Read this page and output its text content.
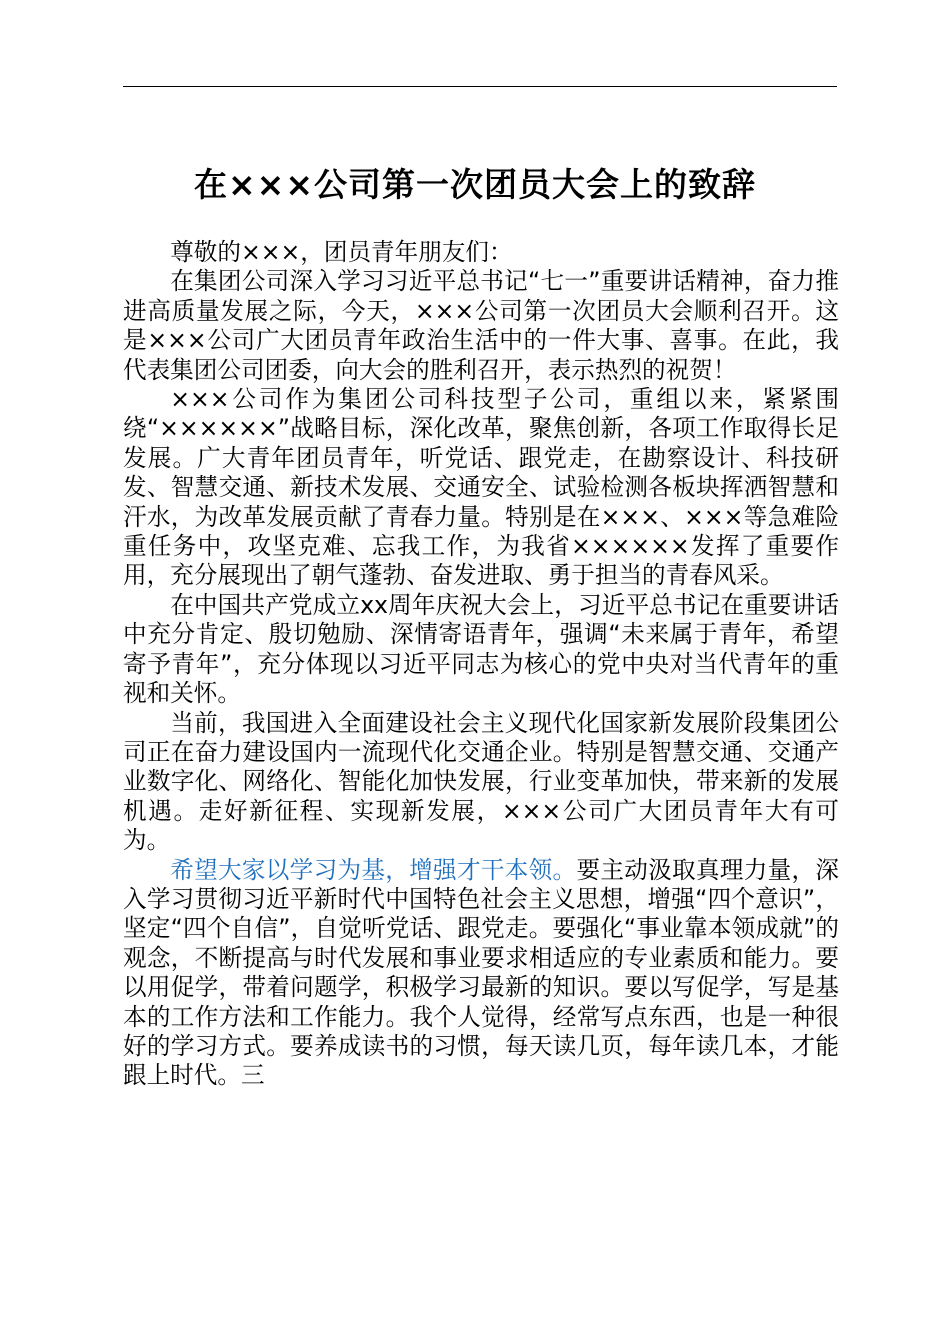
在×××公司第一次团员大会上的致辞

尊敬的×××，团员青年朋友们：

在集团公司深入学习习近平总书记“七一”重要讲话精神，奋力推进高质量发展之际，今天，×××公司第一次团员大会顺利召开。这是×××公司广大团员青年政治生活中的一件大事、喜事。在此，我代表集团公司团委，向大会的胜利召开，表示热烈的祝贺！

×××公司作为集团公司科技型子公司，重组以来，紧紧围绕“××××××”战略目标，深化改革，聚焦创新，各项工作取得长足发展。广大青年团员青年，听党话、跟党走，在勘察设计、科技研发、智慧交通、新技术发展、交通安全、试验检测各板块挥洒智慧和汗水，为改革发展贡献了青春力量。特别是在×××、×××等急难险重任务中，攻坚克难、忘我工作，为我省××××××发挥了重要作用，充分展现出了朝气蓬勃、奋发进取、勇于担当的青春风采。

在中国共产党成立xx周年庆祝大会上，习近平总书记在重要讲话中充分肯定、殷切勉励、深情寄语青年，强调“未来属于青年，希望寄予青年”，充分体现以习近平同志为核心的党中央对当代青年的重视和关怀。

当前，我国进入全面建设社会主义现代化国家新发展阶段集团公司正在奋力建设国内一流现代化交通企业。特别是智慧交通、交通产业数字化、网络化、智能化加快发展，行业变革加快，带来新的发展机遇。走好新征程、实现新发展，×××公司广大团员青年大有可为。

希望大家以学习为基，增强才干本领。要主动汲取真理力量，深入学习贯彻习近平新时代中国特色社会主义思想，增强“四个意识”，坚定“四个自信”，自觉听党话、跟党走。要强化“事业靠本领成就”的观念，不断提高与时代发展和事业要求相适应的专业素质和能力。要以用促学，带着问题学，积极学习最新的知识。要以写促学，写是基本的工作方法和工作能力。我个人觉得，经常写点东西，也是一种很好的学习方式。要养成读书的习惯，每天读几页，每年读几本，才能跟上时代。三
